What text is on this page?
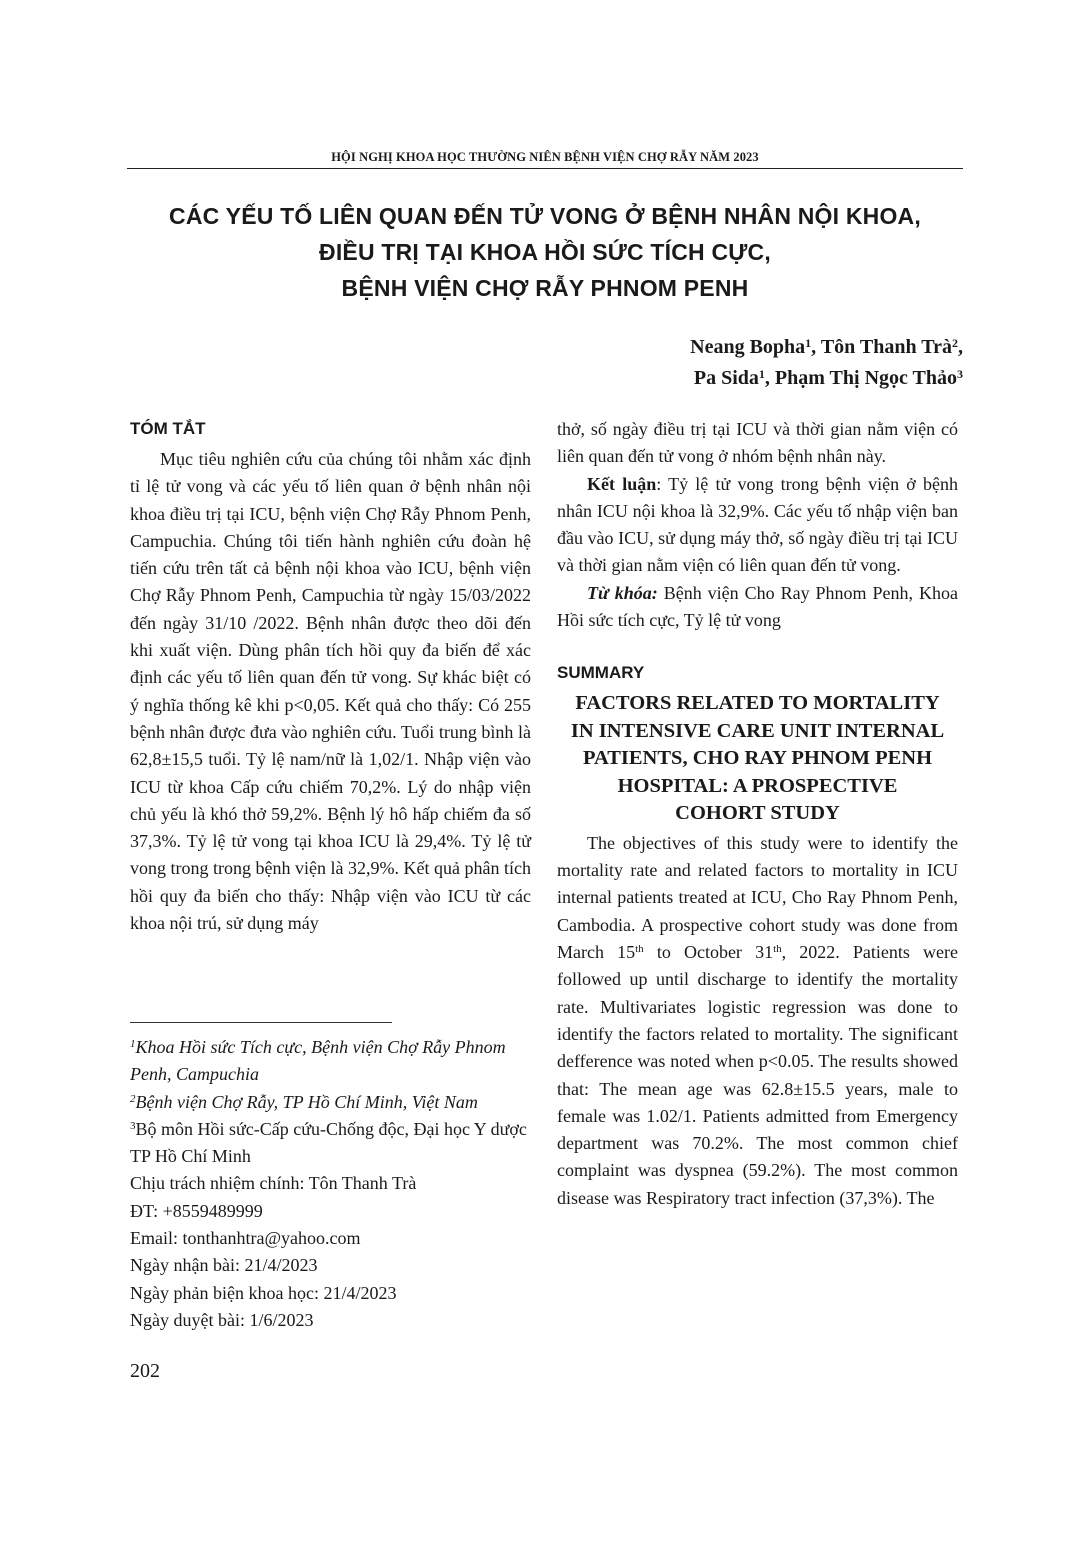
HỘI NGHỊ KHOA HỌC THƯỜNG NIÊN BỆNH VIỆN CHỢ RẪY NĂM 2023
CÁC YẾU TỐ LIÊN QUAN ĐẾN TỬ VONG Ở BỆNH NHÂN NỘI KHOA,
ĐIỀU TRỊ TẠI KHOA HỒI SỨC TÍCH CỰC,
BỆNH VIỆN CHỢ RẪY PHNOM PENH
Neang Bopha$^1$, Tôn Thanh Trà$^2$,
Pa Sida$^1$, Phạm Thị Ngọc Thảo$^3$

TÓM TẮT

Mục tiêu nghiên cứu của chúng tôi nhằm xác định tỉ lệ tử vong và các yếu tố liên quan ở bệnh nhân nội khoa điều trị tại ICU, bệnh viện Chợ Rẫy Phnom Penh, Campuchia. Chúng tôi tiến hành nghiên cứu đoàn hệ tiến cứu trên tất cả bệnh nội khoa vào ICU, bệnh viện Chợ Rẫy Phnom Penh, Campuchia từ ngày 15/03/2022 đến ngày 31/10 /2022. Bệnh nhân được theo dõi đến khi xuất viện. Dùng phân tích hồi quy đa biến để xác định các yếu tố liên quan đến tử vong. Sự khác biệt có ý nghĩa thống kê khi p<0,05. Kết quả cho thấy: Có 255 bệnh nhân được đưa vào nghiên cứu. Tuổi trung bình là 62,8±15,5 tuổi. Tỷ lệ nam/nữ là 1,02/1. Nhập viện vào ICU từ khoa Cấp cứu chiếm 70,2%. Lý do nhập viện chủ yếu là khó thở 59,2%. Bệnh lý hô hấp chiếm đa số 37,3%. Tỷ lệ tử vong tại khoa ICU là 29,4%. Tỷ lệ tử vong trong trong bệnh viện là 32,9%. Kết quả phân tích hồi quy đa biến cho thấy: Nhập viện vào ICU từ các khoa nội trú, sử dụng máy

$^1$Khoa Hồi sức Tích cực, Bệnh viện Chợ Rẫy Phnom Penh, Campuchia

$^2$Bệnh viện Chợ Rẫy, TP Hồ Chí Minh, Việt Nam

$^3$Bộ môn Hồi sức-Cấp cứu-Chống độc, Đại học Y dược TP Hồ Chí Minh

Chịu trách nhiệm chính: Tôn Thanh Trà

ĐT: +8559489999

Email: tonthanhtra@yahoo.com

Ngày nhận bài: 21/4/2023

Ngày phản biện khoa học: 21/4/2023

Ngày duyệt bài: 1/6/2023

thở, số ngày điều trị tại ICU và thời gian nằm viện có liên quan đến tử vong ở nhóm bệnh nhân này.

Kết luận: Tỷ lệ tử vong trong bệnh viện ở bệnh nhân ICU nội khoa là 32,9%. Các yếu tố nhập viện ban đầu vào ICU, sử dụng máy thở, số ngày điều trị tại ICU và thời gian nằm viện có liên quan đến tử vong.

Từ khóa: Bệnh viện Cho Ray Phnom Penh, Khoa Hồi sức tích cực, Tỷ lệ tử vong

SUMMARY

FACTORS RELATED TO MORTALITY
IN INTENSIVE CARE UNIT INTERNAL
PATIENTS, CHO RAY PHNOM PENH
HOSPITAL: A PROSPECTIVE
COHORT STUDY

The objectives of this study were to identify the mortality rate and related factors to mortality in ICU internal patients treated at ICU, Cho Ray Phnom Penh, Cambodia. A prospective cohort study was done from March 15th to October 31th, 2022. Patients were followed up until discharge to identify the mortality rate. Multivariates logistic regression was done to identify the factors related to mortality. The significant defference was noted when p<0.05. The results showed that: The mean age was 62.8±15.5 years, male to female was 1.02/1. Patients admitted from Emergency department was 70.2%. The most common chief complaint was dyspnea (59.2%). The most common disease was Respiratory tract infection (37,3%). The

202
